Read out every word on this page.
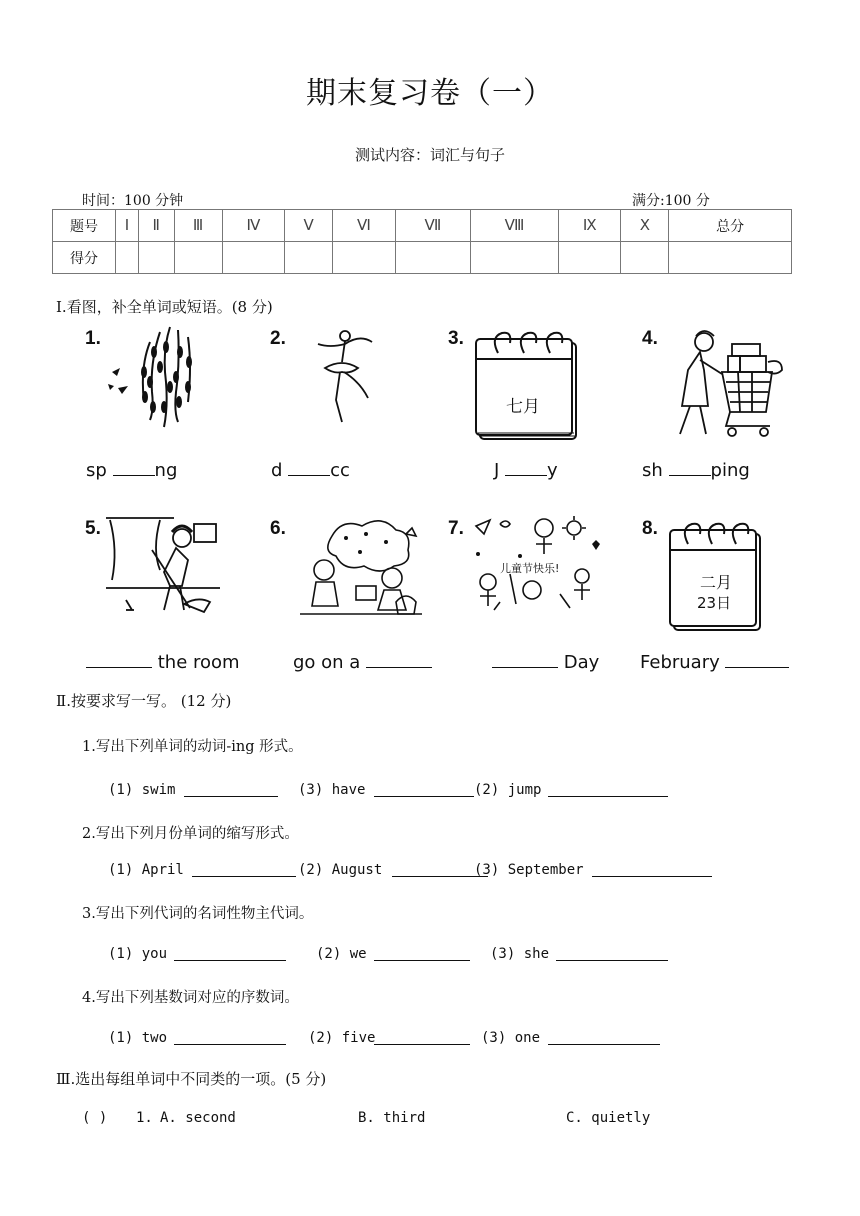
期末复习卷（一）
测试内容：词汇与句子
时间：100 分钟	满分:100 分
题号	Ⅰ	Ⅱ	Ⅲ	Ⅳ	Ⅴ	Ⅵ	Ⅶ	Ⅷ	Ⅸ	Ⅹ	总分
得分											
Ⅰ.看图，补全单词或短语。(8 分)
1.	2.	3.	4.
七月
sp ng	d cc	J y	sh ping
5.	6.	7.	8.
儿童节快乐!
二月
23日
the room	go on a	Day February
Ⅱ.按要求写一写。 (12 分)
1.写出下列单词的动词-ing 形式。
(1) swim	(3) have	(2) jump
2.写出下列月份单词的缩写形式。
(1) April	(2) August	(3) September
3.写出下列代词的名词性物主代词。
(1) you	(2) we	(3) she
4.写出下列基数词对应的序数词。
(1) two	(2) five	(3) one
Ⅲ.选出每组单词中不同类的一项。(5 分)
( ) 1. A. second	B. third	C. quietly
